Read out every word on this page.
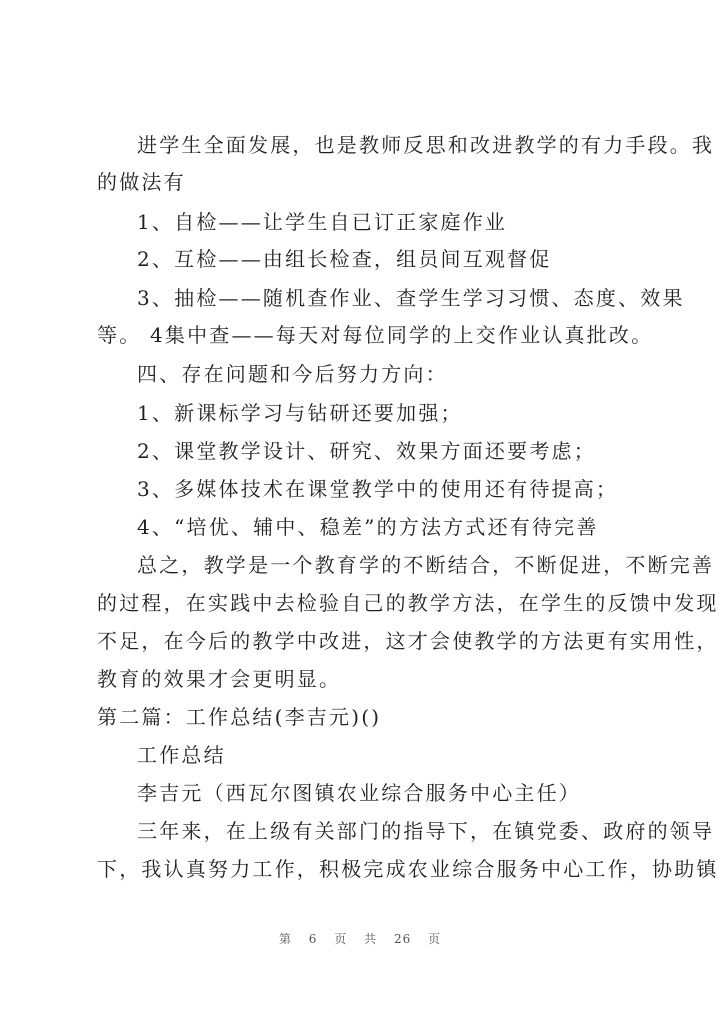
进学生全面发展，也是教师反思和改进教学的有力手段。我
的做法有
1、自检——让学生自已订正家庭作业
2、互检——由组长检查，组员间互观督促
3、抽检——随机查作业、查学生学习习惯、态度、效果
等。 4集中查——每天对每位同学的上交作业认真批改。
四、存在问题和今后努力方向：
1、新课标学习与钻研还要加强；
2、课堂教学设计、研究、效果方面还要考虑；
3、多媒体技术在课堂教学中的使用还有待提高；
4、“培优、辅中、稳差”的方法方式还有待完善
总之，教学是一个教育学的不断结合，不断促进，不断完善
的过程，在实践中去检验自己的教学方法，在学生的反馈中发现
不足，在今后的教学中改进，这才会使教学的方法更有实用性，
教育的效果才会更明显。
第二篇：工作总结(李吉元)()
工作总结
李吉元（西瓦尔图镇农业综合服务中心主任）
三年来，在上级有关部门的指导下，在镇党委、政府的领导
下，我认真努力工作，积极完成农业综合服务中心工作，协助镇
第 6 页 共 26 页
